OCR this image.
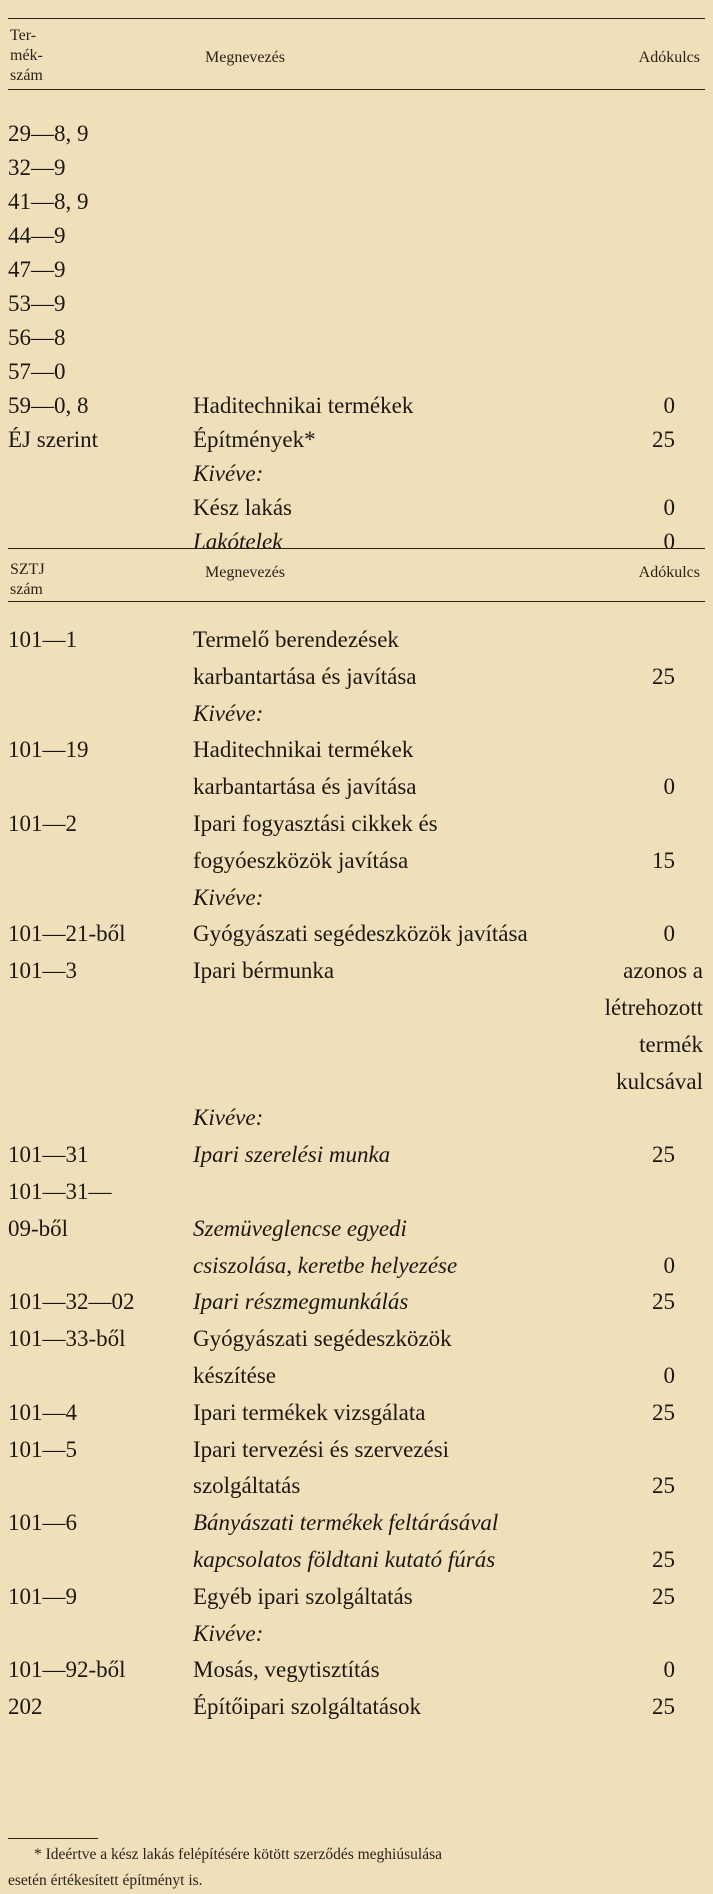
Ter-
mék-
szám
Megnevezés	Adókulcs
29—8, 9
32—9
41—8, 9
44—9
47—9
53—9
56—8
57—0
59—0, 8	Haditechnikai termékek	0
ÉJ szerint	Építmények*	25
Kivéve:
Kész lakás	0
Lakótelek	0
SZTJ
szám
Megnevezés	Adókulcs
101—1	Termelő berendezések
karbantartása és javítása	25
Kivéve:
101—19	Haditechnikai termékek
karbantartása és javítása	0
101—2	Ipari fogyasztási cikkek és
fogyóeszközök javítása	15
Kivéve:
101—21-ből	Gyógyászati segédeszközök javítása	0
101—3	Ipari bérmunka	azonos a
létrehozott
termék
kulcsával
Kivéve:
101—31	Ipari szerelési munka	25
101—31—
09-ből	Szemüveglencse egyedi
csiszolása, keretbe helyezése	0
101—32—02	Ipari részmegmunkálás	25
101—33-ből	Gyógyászati segédeszközök
készítése	0
101—4	Ipari termékek vizsgálata	25
101—5	Ipari tervezési és szervezési
szolgáltatás	25
101—6	Bányászati termékek feltárásával
kapcsolatos földtani kutató fúrás	25
101—9	Egyéb ipari szolgáltatás	25
Kivéve:
101—92-ből	Mosás, vegytisztítás	0
202	Építőipari szolgáltatások	25
* Ideértve a kész lakás felépítésére kötött szerződés meghiúsulása
esetén értékesített építményt is.
